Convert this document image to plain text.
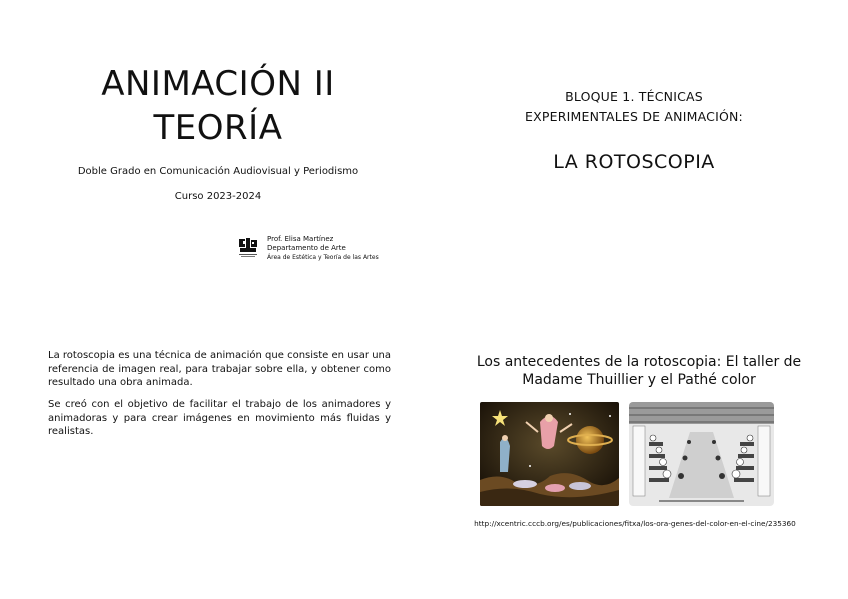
ANIMACIÓN II
TEORÍA

Doble Grado en Comunicación Audiovisual y Periodismo

Curso 2023-2024

Prof. Elisa Martínez
Departamento de Arte
Área de Estética y Teoría de las Artes

BLOQUE 1. TÉCNICAS
EXPERIMENTALES DE ANIMACIÓN:

LA ROTOSCOPIA

La rotoscopia es una técnica de animación que consiste en usar una referencia de imagen real, para trabajar sobre ella, y obtener como resultado una obra animada.

Se creó con el objetivo de facilitar el trabajo de los animadores y animadoras y para crear imágenes en movimiento más fluidas y realistas.

Los antecedentes de la rotoscopia: El taller de
Madame Thuillier y el Pathé color

http://xcentric.cccb.org/es/publicaciones/fitxa/los-ora-genes-del-color-en-el-cine/235360
